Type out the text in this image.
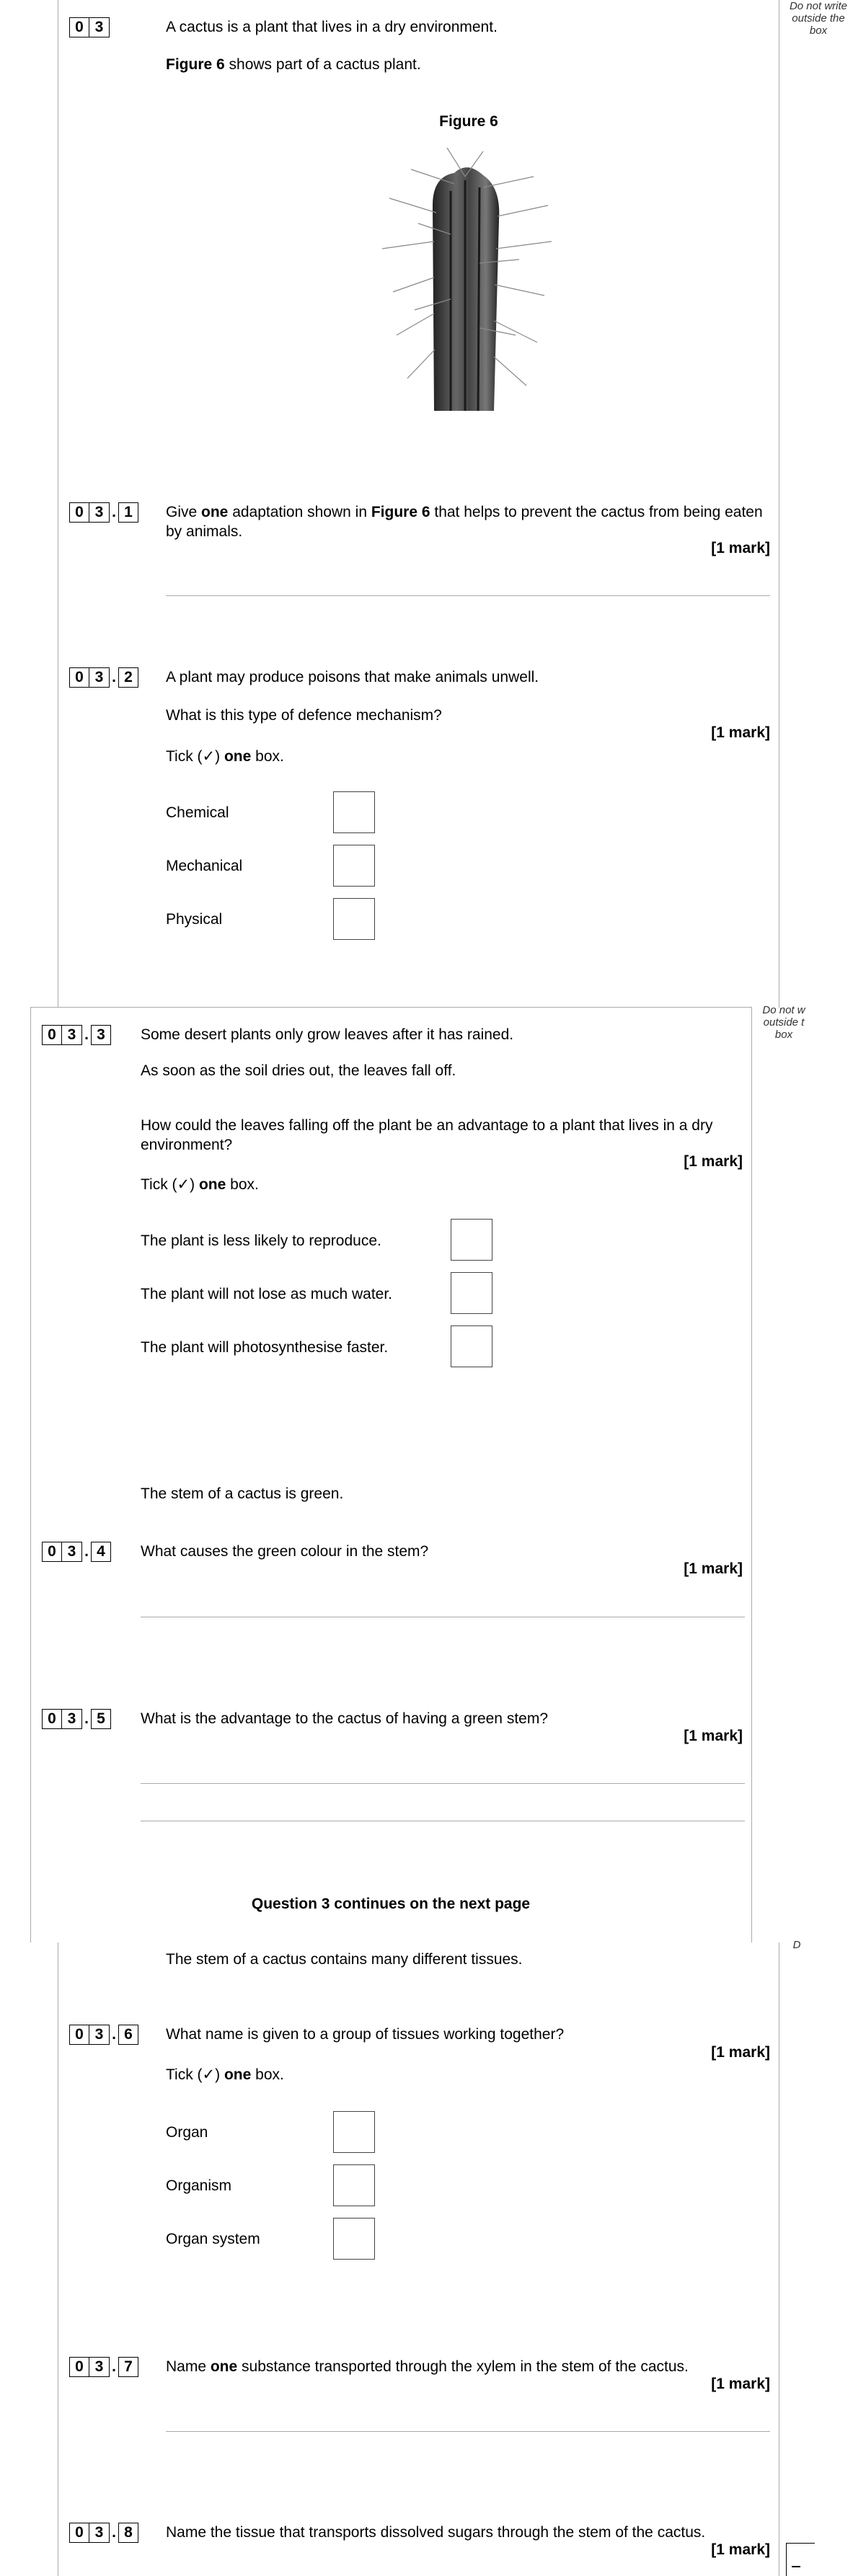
Do not write outside the box
0 3	A cactus is a plant that lives in a dry environment.
Figure 6 shows part of a cactus plant.
Figure 6
0 3 . 1	Give one adaptation shown in Figure 6 that helps to prevent the cactus from being eaten by animals.
[1 mark]
0 3 . 2	A plant may produce poisons that make animals unwell.
What is this type of defence mechanism?
[1 mark]
Tick (✓) one box.
Chemical
Mechanical
Physical
Do not w outside t box
0 3 . 3	Some desert plants only grow leaves after it has rained.
As soon as the soil dries out, the leaves fall off.
How could the leaves falling off the plant be an advantage to a plant that lives in a dry environment?
[1 mark]
Tick (✓) one box.
The plant is less likely to reproduce.
The plant will not lose as much water.
The plant will photosynthesise faster.
The stem of a cactus is green.
0 3 . 4	What causes the green colour in the stem?
[1 mark]
0 3 . 5	What is the advantage to the cactus of having a green stem?
[1 mark]
Question 3 continues on the next page
D
The stem of a cactus contains many different tissues.
0 3 . 6	What name is given to a group of tissues working together?
[1 mark]
Tick (✓) one box.
Organ
Organism
Organ system
0 3 . 7	Name one substance transported through the xylem in the stem of the cactus.
[1 mark]
0 3 . 8	Name the tissue that transports dissolved sugars through the stem of the cactus.
[1 mark]
